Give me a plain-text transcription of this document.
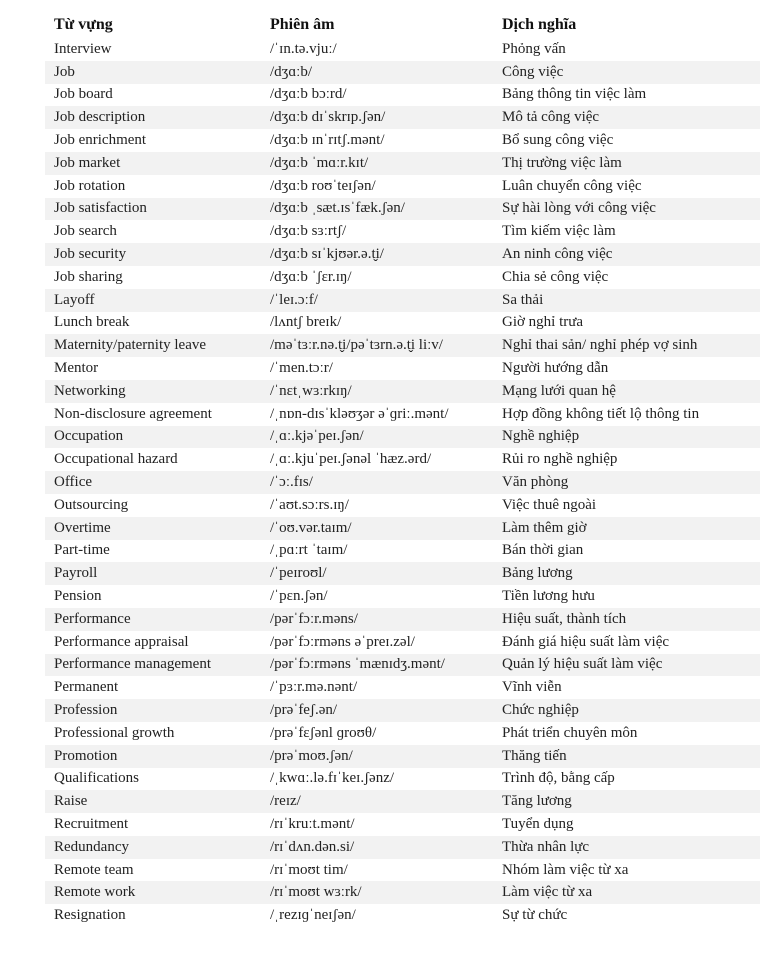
Từ vựng	Phiên âm	Dịch nghĩa
Interview	/ˈɪn.tə.vjuː/	Phỏng vấn
Job	/dʒɑːb/	Công việc
Job board	/dʒɑːb bɔːrd/	Bảng thông tin việc làm
Job description	/dʒɑːb dɪˈskrɪp.ʃən/	Mô tả công việc
Job enrichment	/dʒɑːb ɪnˈrɪtʃ.mənt/	Bổ sung công việc
Job market	/dʒɑːb ˈmɑːr.kɪt/	Thị trường việc làm
Job rotation	/dʒɑːb roʊˈteɪʃən/	Luân chuyển công việc
Job satisfaction	/dʒɑːb ˌsæt.ɪsˈfæk.ʃən/	Sự hài lòng với công việc
Job search	/dʒɑːb sɜːrtʃ/	Tìm kiếm việc làm
Job security	/dʒɑːb sɪˈkjʊər.ə.t̬i/	An ninh công việc
Job sharing	/dʒɑːb ˈʃɛr.ɪŋ/	Chia sẻ công việc
Layoff	/ˈleɪ.ɔːf/	Sa thải
Lunch break	/lʌntʃ breɪk/	Giờ nghỉ trưa
Maternity/paternity leave	/məˈtɜːr.nə.t̬i/pəˈtɜrn.ə.t̬i liːv/	Nghỉ thai sản/ nghỉ phép vợ sinh
Mentor	/ˈmen.tɔːr/	Người hướng dẫn
Networking	/ˈnɛtˌwɜːrkɪŋ/	Mạng lưới quan hệ
Non-disclosure agreement	/ˌnɒn-dɪsˈkləʊʒər əˈɡriː.mənt/	Hợp đồng không tiết lộ thông tin
Occupation	/ˌɑː.kjəˈpeɪ.ʃən/	Nghề nghiệp
Occupational hazard	/ˌɑː.kjuˈpeɪ.ʃənəl ˈhæz.ərd/	Rủi ro nghề nghiệp
Office	/ˈɔː.fɪs/	Văn phòng
Outsourcing	/ˈaʊt.sɔːrs.ɪŋ/	Việc thuê ngoài
Overtime	/ˈoʊ.vər.taɪm/	Làm thêm giờ
Part-time	/ˌpɑːrt ˈtaɪm/	Bán thời gian
Payroll	/ˈpeɪroʊl/	Bảng lương
Pension	/ˈpɛn.ʃən/	Tiền lương hưu
Performance	/pərˈfɔːr.məns/	Hiệu suất, thành tích
Performance appraisal	/pərˈfɔːrməns əˈpreɪ.zəl/	Đánh giá hiệu suất làm việc
Performance management	/pərˈfɔːrməns ˈmænɪdʒ.mənt/	Quản lý hiệu suất làm việc
Permanent	/ˈpɜːr.mə.nənt/	Vĩnh viễn
Profession	/prəˈfeʃ.ən/	Chức nghiệp
Professional growth	/prəˈfɛʃənl ɡroʊθ/	Phát triển chuyên môn
Promotion	/prəˈmoʊ.ʃən/	Thăng tiến
Qualifications	/ˌkwɑː.lə.fɪˈkeɪ.ʃənz/	Trình độ, bằng cấp
Raise	/reɪz/	Tăng lương
Recruitment	/rɪˈkruːt.mənt/	Tuyển dụng
Redundancy	/rɪˈdʌn.dən.si/	Thừa nhân lực
Remote team	/rɪˈmoʊt tim/	Nhóm làm việc từ xa
Remote work	/rɪˈmoʊt wɜːrk/	Làm việc từ xa
Resignation	/ˌrezɪɡˈneɪʃən/	Sự từ chức
